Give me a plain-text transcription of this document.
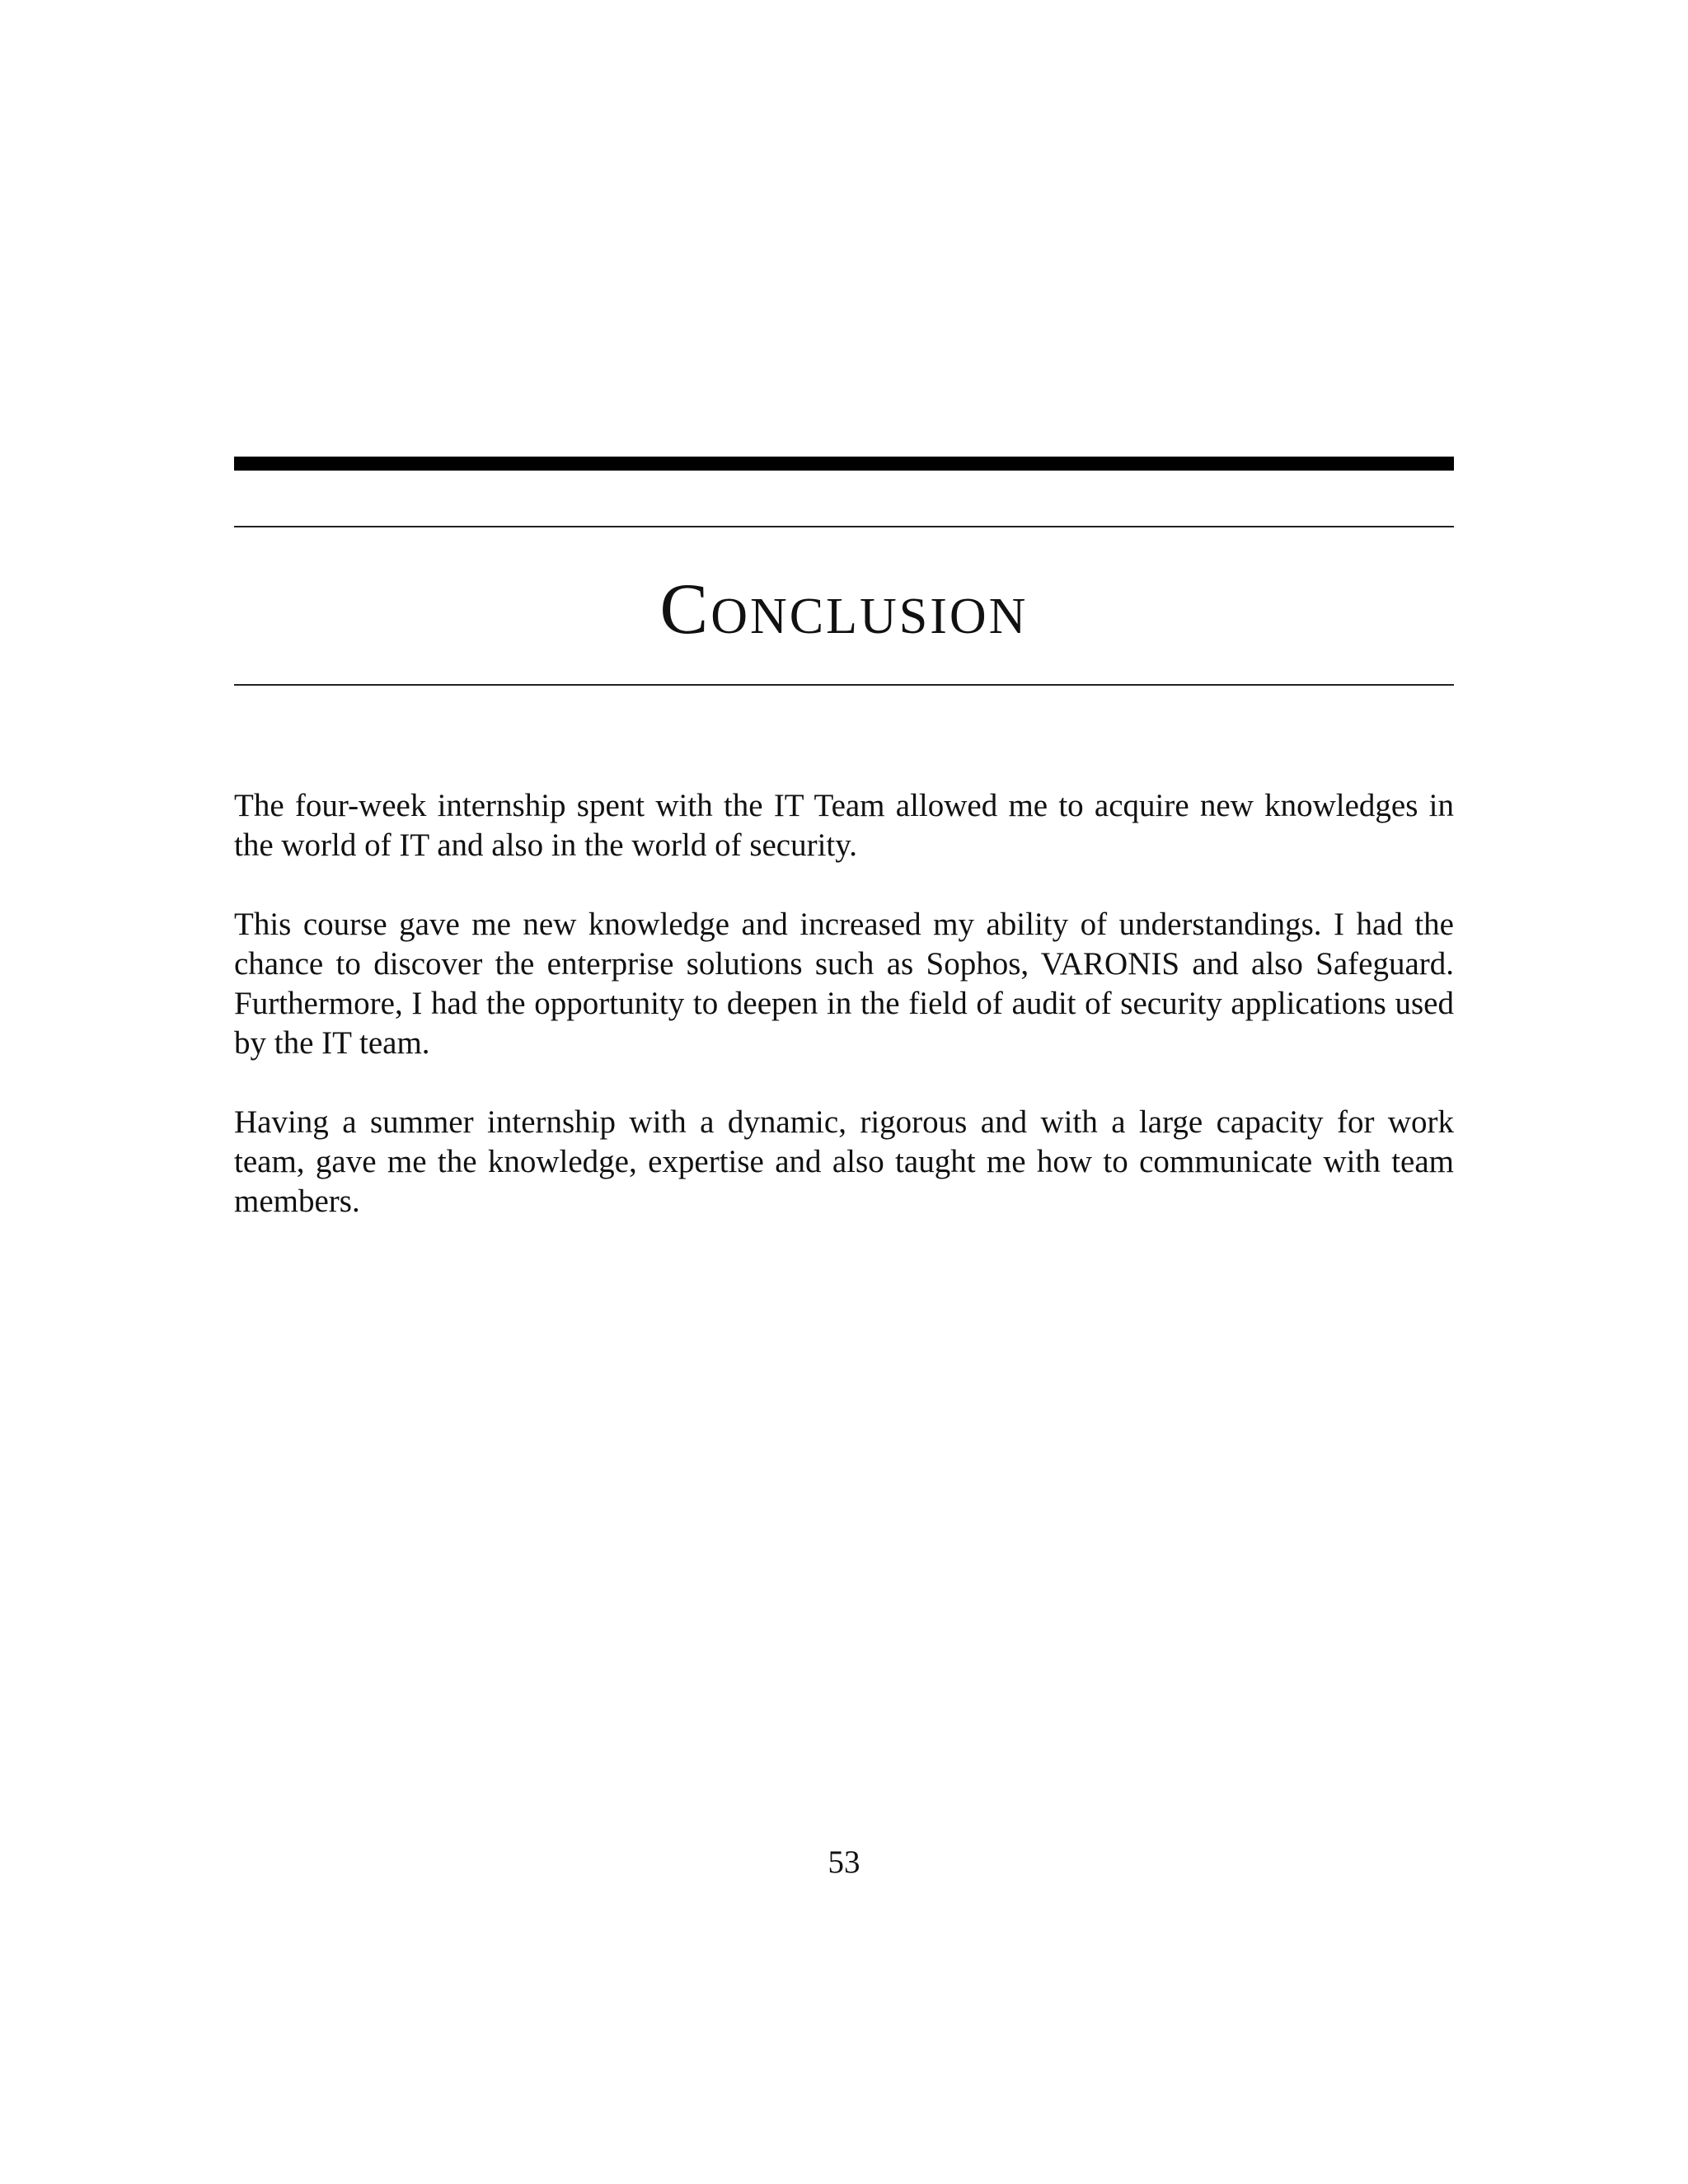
Conclusion

The four-week internship spent with the IT Team allowed me to acquire new knowledges in the world of IT and also in the world of security.

This course gave me new knowledge and increased my ability of understandings. I had the chance to discover the enterprise solutions such as Sophos, VARONIS and also Safeguard. Furthermore, I had the opportunity to deepen in the field of audit of security applications used by the IT team.

Having a summer internship with a dynamic, rigorous and with a large capacity for work team, gave me the knowledge, expertise and also taught me how to communicate with team members.

53
